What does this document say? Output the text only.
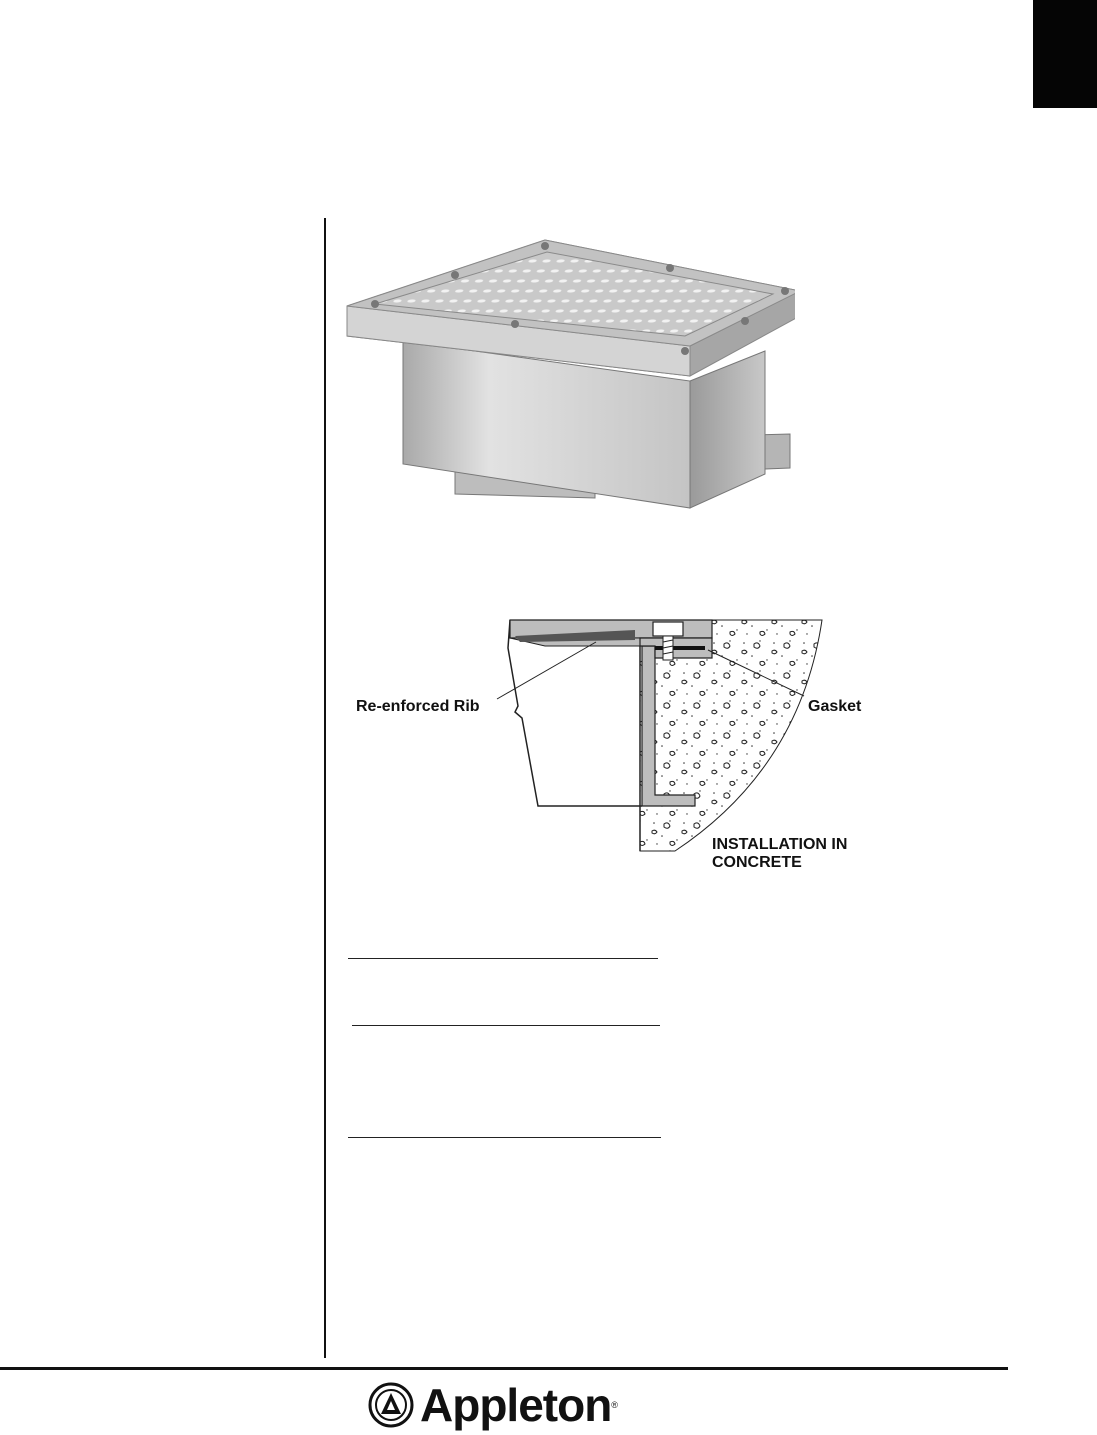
Re-enforced Rib	Gasket
INSTALLATION IN
CONCRETE
Appleton ®
